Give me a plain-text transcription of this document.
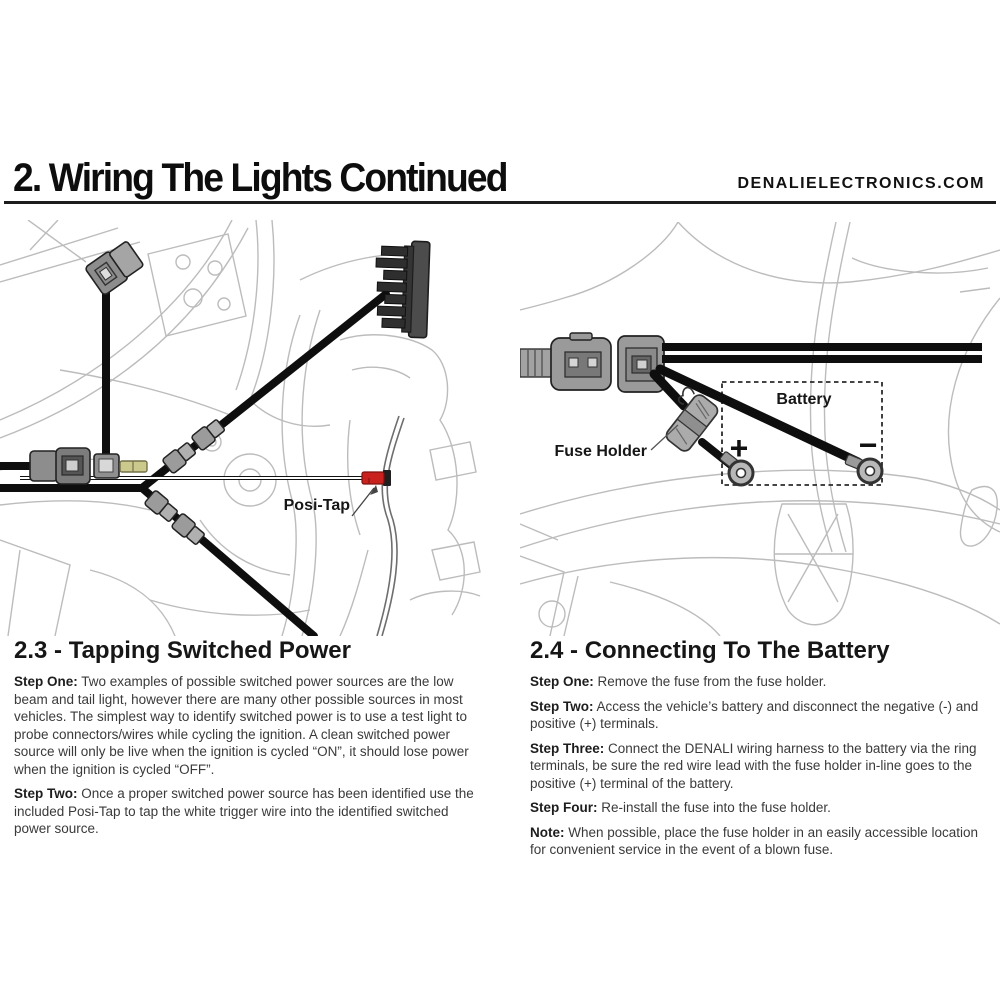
2. Wiring The Lights Continued	DENALIELECTRONICS.COM
Posi-Tap
Battery
+	−
Fuse Holder
2.3 - Tapping Switched Power

Step One: Two examples of possible switched power sources are the low beam and tail light, however there are many other possible sources in most vehicles. The simplest way to identify switched power is to use a test light to probe connectors/wires while cycling the ignition. A clean switched power source will only be live when the ignition is cycled “ON”, it should lose power when the ignition is cycled “OFF”.

Step Two: Once a proper switched power source has been identified use the included Posi-Tap to tap the white trigger wire into the identified switched power source.

2.4 - Connecting To The Battery

Step One: Remove the fuse from the fuse holder.

Step Two: Access the vehicle’s battery and disconnect the negative (-) and positive (+) terminals.

Step Three: Connect the DENALI wiring harness to the battery via the ring terminals, be sure the red wire lead with the fuse holder in-line goes to the positive (+) terminal of the battery.

Step Four: Re-install the fuse into the fuse holder.

Note: When possible, place the fuse holder in an easily accessible location for convenient service in the event of a blown fuse.
